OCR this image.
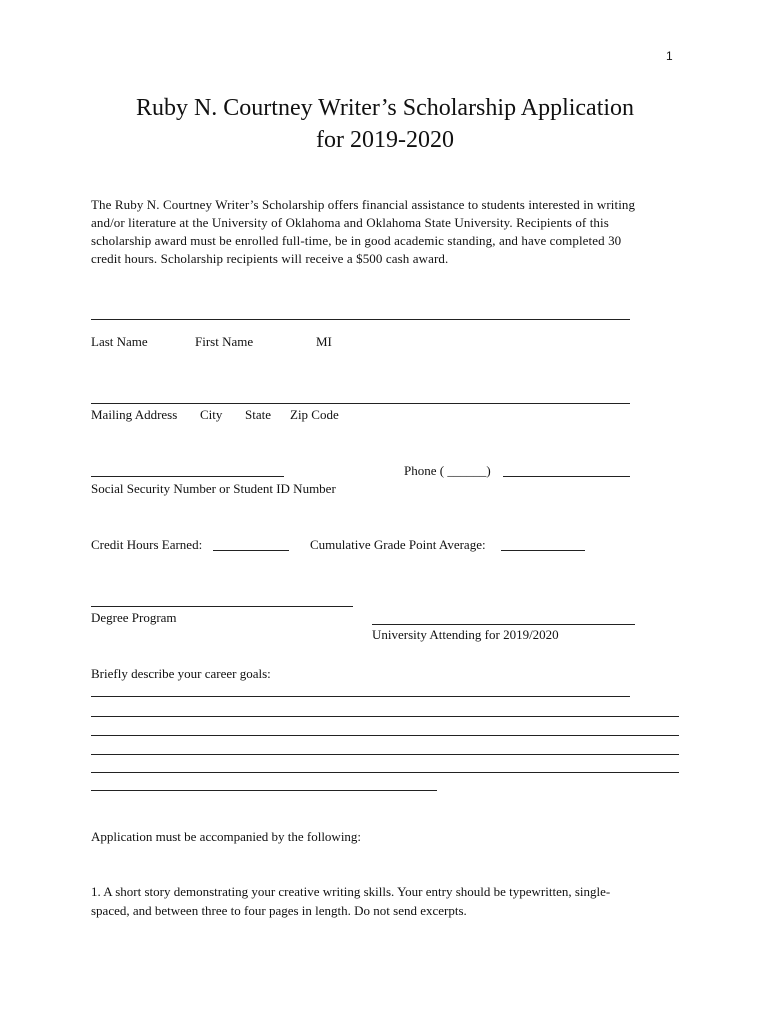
1
Ruby N. Courtney Writer’s Scholarship Application
for 2019-2020
The Ruby N. Courtney Writer’s Scholarship offers financial assistance to students interested in writing
and/or literature at the University of Oklahoma and Oklahoma State University. Recipients of this
scholarship award must be enrolled full-time, be in good academic standing, and have completed 30
credit hours. Scholarship recipients will receive a $500 cash award.
Last Name	First Name	MI
Mailing Address City State Zip Code
Social Security Number or Student ID Number
Phone ( ______)
Credit Hours Earned:	Cumulative Grade Point Average:
Degree Program
University Attending for 2019/2020
Briefly describe your career goals:
Application must be accompanied by the following:
1. A short story demonstrating your creative writing skills. Your entry should be typewritten, single-
spaced, and between three to four pages in length. Do not send excerpts.
